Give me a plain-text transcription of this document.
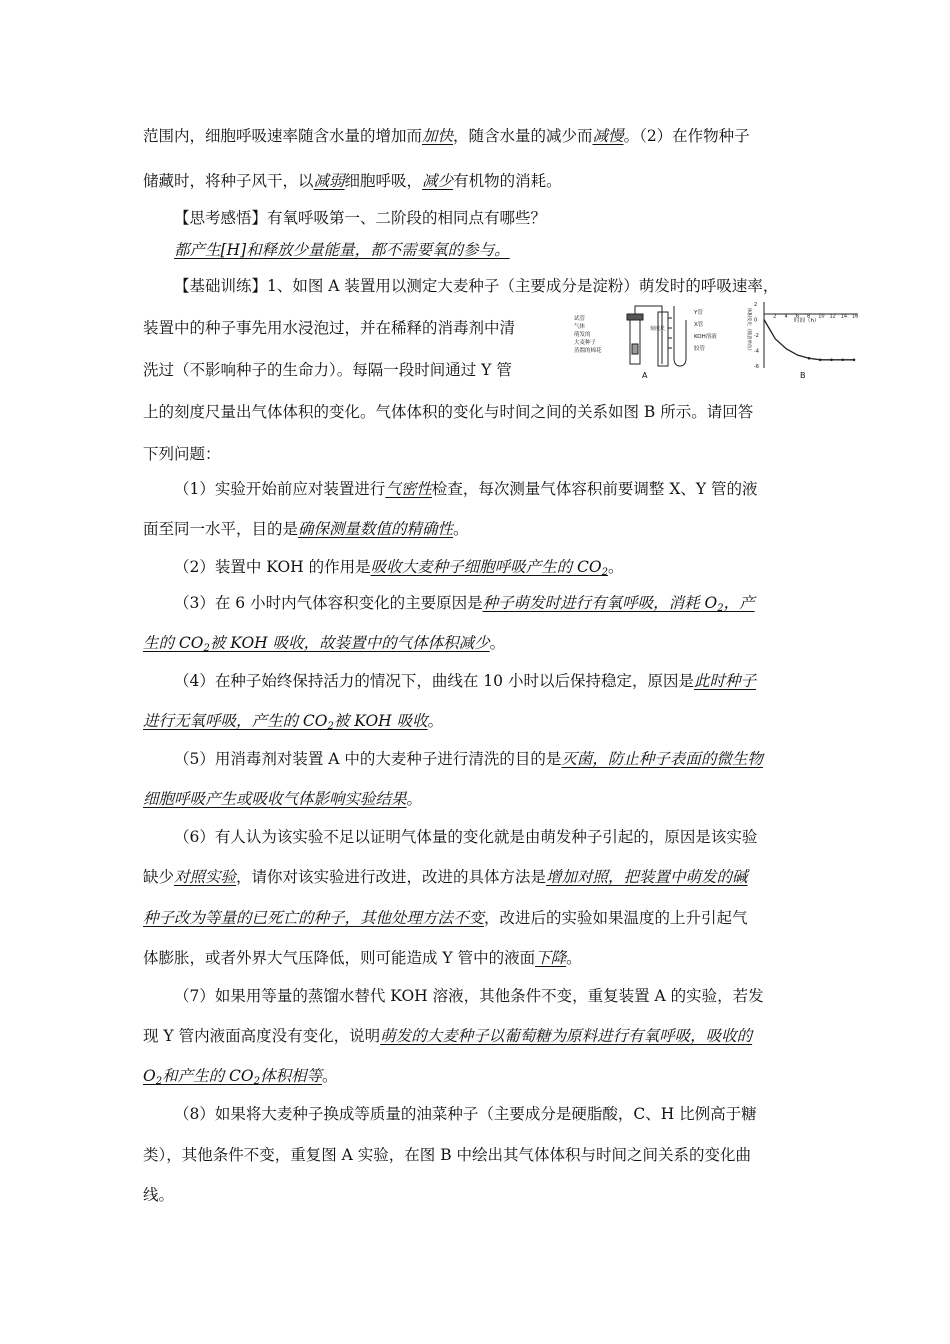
范围内，细胞呼吸速率随含水量的增加而加快，随含水量的减少而减慢。（2）在作物种子
储藏时，将种子风干，以减弱细胞呼吸，减少有机物的消耗。
【思考感悟】有氧呼吸第一、二阶段的相同点有哪些？
都产生[H]和释放少量能量，都不需要氧的参与。
【基础训练】1、如图 A 装置用以测定大麦种子（主要成分是淀粉）萌发时的呼吸速率，
装置中的种子事先用水浸泡过，并在稀释的消毒剂中清
洗过（不影响种子的生命力）。每隔一段时间通过 Y 管
上的刻度尺量出气体体积的变化。气体体积的变化与时间之间的关系如图 B 所示。请回答
下列问题：
试管
气体
萌发的
大麦种子
蒸馏的棉花
刻度尺
Y管
X管
KOH溶液
胶管
A
体积变化（随意单位）	2 4 6 8 10 12 14 16
2
0
-2
-4
-6
时间（h）
B
（1）实验开始前应对装置进行气密性检查，每次测量气体容积前要调整 X、Y 管的液
面至同一水平，目的是确保测量数值的精确性。
（2）装置中 KOH 的作用是吸收大麦种子细胞呼吸产生的 $CO_2$。
（3）在 6 小时内气体容积变化的主要原因是种子萌发时进行有氧呼吸，消耗 $O_2$，产
生的 $CO_2$被 KOH 吸收，故装置中的气体体积减少。
（4）在种子始终保持活力的情况下，曲线在 10 小时以后保持稳定，原因是此时种子
进行无氧呼吸，产生的 $CO_2$被 KOH 吸收。
（5）用消毒剂对装置 A 中的大麦种子进行清洗的目的是灭菌，防止种子表面的微生物
细胞呼吸产生或吸收气体影响实验结果。
（6）有人认为该实验不足以证明气体量的变化就是由萌发种子引起的，原因是该实验
缺少对照实验，请你对该实验进行改进，改进的具体方法是增加对照，把装置中萌发的碱
种子改为等量的已死亡的种子，其他处理方法不变，改进后的实验如果温度的上升引起气
体膨胀，或者外界大气压降低，则可能造成 Y 管中的液面下降。
（7）如果用等量的蒸馏水替代 KOH 溶液，其他条件不变，重复装置 A 的实验，若发
现 Y 管内液面高度没有变化，说明萌发的大麦种子以葡萄糖为原料进行有氧呼吸，吸收的
$O_2$和产生的 $CO_2$体积相等。
（8）如果将大麦种子换成等质量的油菜种子（主要成分是硬脂酸，C、H 比例高于糖
类），其他条件不变，重复图 A 实验，在图 B 中绘出其气体体积与时间之间关系的变化曲
线。
